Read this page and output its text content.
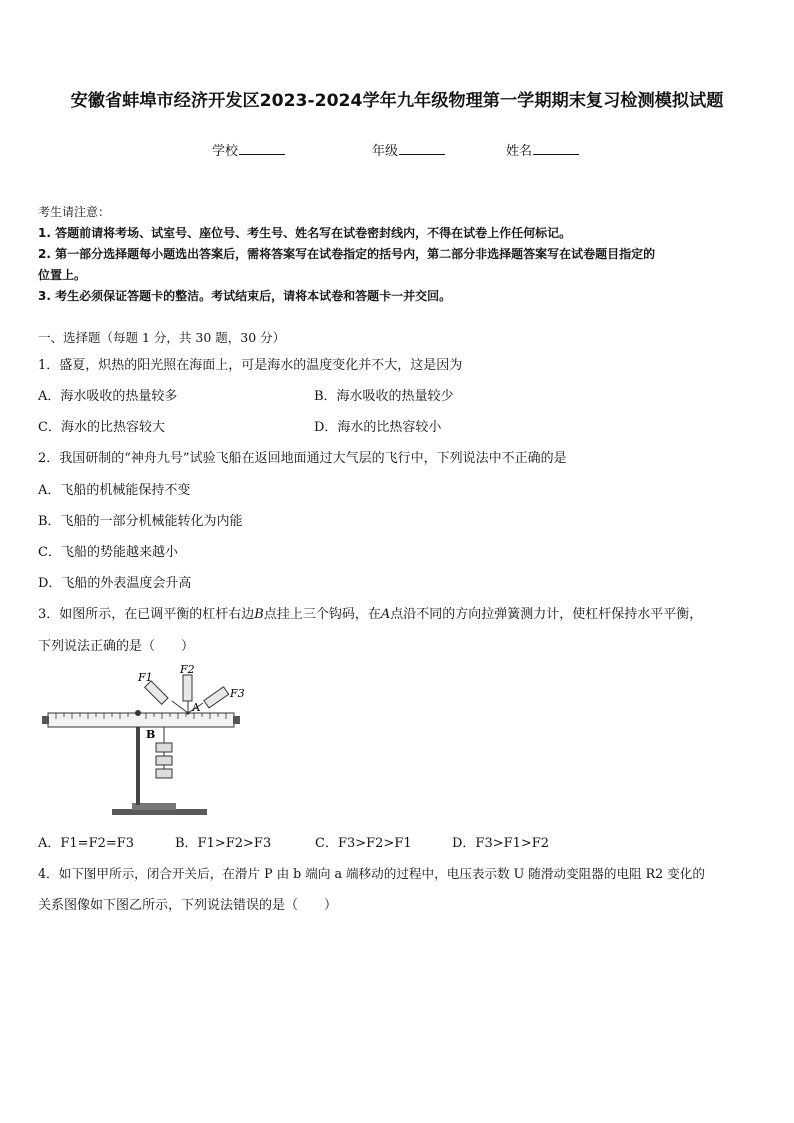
安徽省蚌埠市经济开发区2023-2024学年九年级物理第一学期期末复习检测模拟试题
学校	年级	姓名
考生请注意：
1. 答题前请将考场、试室号、座位号、考生号、姓名写在试卷密封线内，不得在试卷上作任何标记。
2. 第一部分选择题每小题选出答案后，需将答案写在试卷指定的括号内，第二部分非选择题答案写在试卷题目指定的
位置上。
3. 考生必须保证答题卡的整洁。考试结束后，请将本试卷和答题卡一并交回。
一、选择题（每题 1 分，共 30 题，30 分）
1．盛夏，炽热的阳光照在海面上，可是海水的温度变化并不大，这是因为
A．海水吸收的热量较多	B．海水吸收的热量较少
C．海水的比热容较大	D．海水的比热容较小
2．我国研制的“神舟九号”试验飞船在返回地面通过大气层的飞行中，下列说法中不正确的是
A．飞船的机械能保持不变
B．飞船的一部分机械能转化为内能
C．飞船的势能越来越小
D．飞船的外表温度会升高
3．如图所示，在已调平衡的杠杆右边B点挂上三个钩码，在A点沿不同的方向拉弹簧测力计，使杠杆保持水平平衡，
下列说法正确的是（　　）
F1
F2
F3
A
B
A．F1=F2=F3	B．F1>F2>F3	C．F3>F2>F1	D．F3>F1>F2
4．如下图甲所示，闭合开关后，在滑片 P 由 b 端向 a 端移动的过程中，电压表示数 U 随滑动变阻器的电阻 R2 变化的
关系图像如下图乙所示，下列说法错误的是（　　）
